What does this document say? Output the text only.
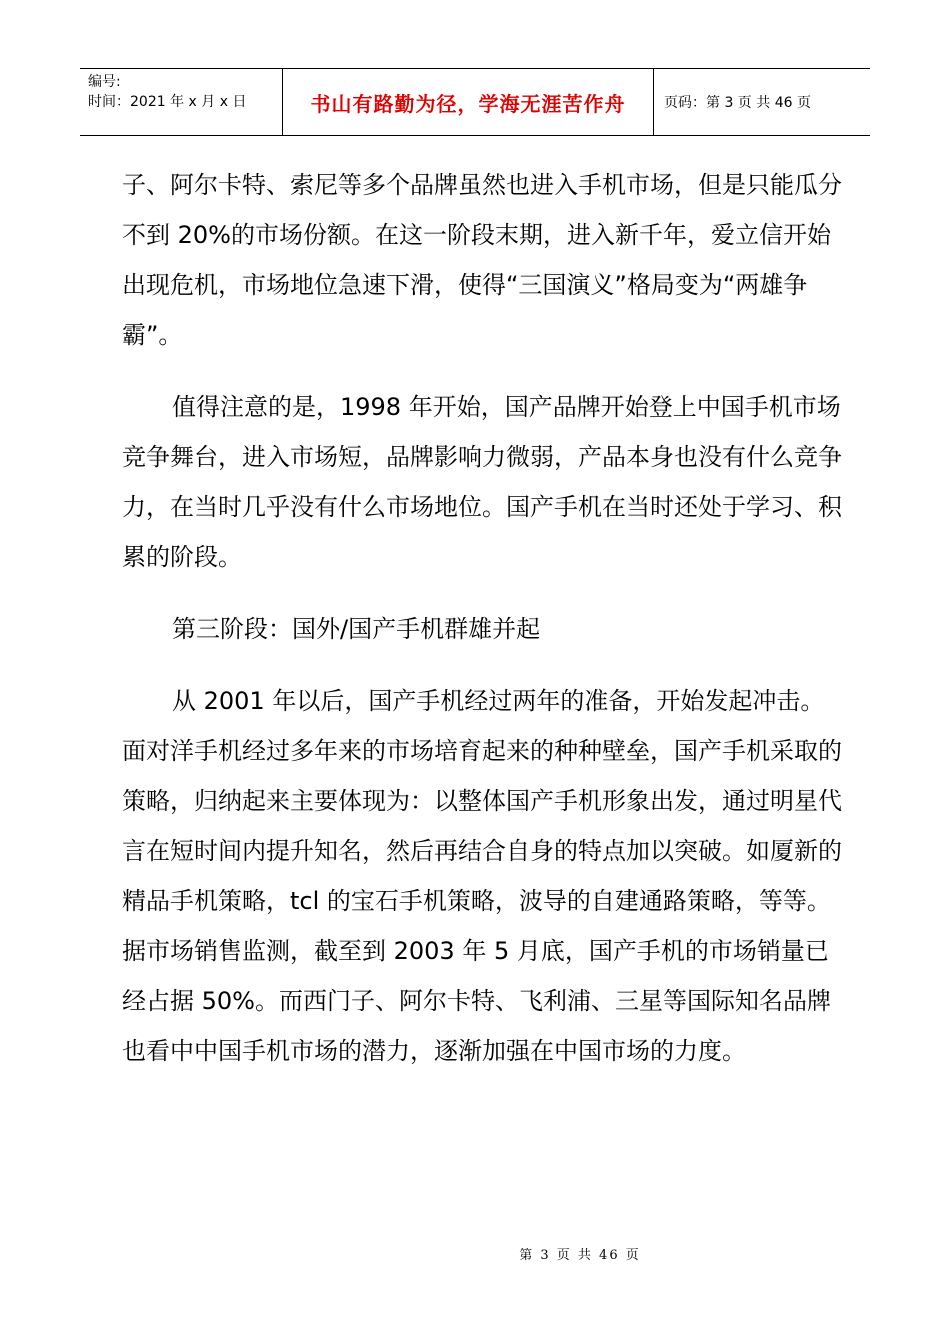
编号:
时间：2021 年 x 月 x 日	书山有路勤为径，学海无涯苦作舟	页码：第 3 页 共 46 页

子、阿尔卡特、索尼等多个品牌虽然也进入手机市场，但是只能瓜分不到 20%的市场份额。在这一阶段末期，进入新千年，爱立信开始出现危机，市场地位急速下滑，使得“三国演义”格局变为“两雄争霸”。

值得注意的是，1998 年开始，国产品牌开始登上中国手机市场竞争舞台，进入市场短，品牌影响力微弱，产品本身也没有什么竞争力，在当时几乎没有什么市场地位。国产手机在当时还处于学习、积累的阶段。

第三阶段：国外/国产手机群雄并起

从 2001 年以后，国产手机经过两年的准备，开始发起冲击。面对洋手机经过多年来的市场培育起来的种种壁垒，国产手机采取的策略，归纳起来主要体现为：以整体国产手机形象出发，通过明星代言在短时间内提升知名，然后再结合自身的特点加以突破。如厦新的精品手机策略，tcl 的宝石手机策略，波导的自建通路策略，等等。据市场销售监测，截至到 2003 年 5 月底，国产手机的市场销量已经占据 50%。而西门子、阿尔卡特、飞利浦、三星等国际知名品牌也看中中国手机市场的潜力，逐渐加强在中国市场的力度。

第 3 页 共 46 页
